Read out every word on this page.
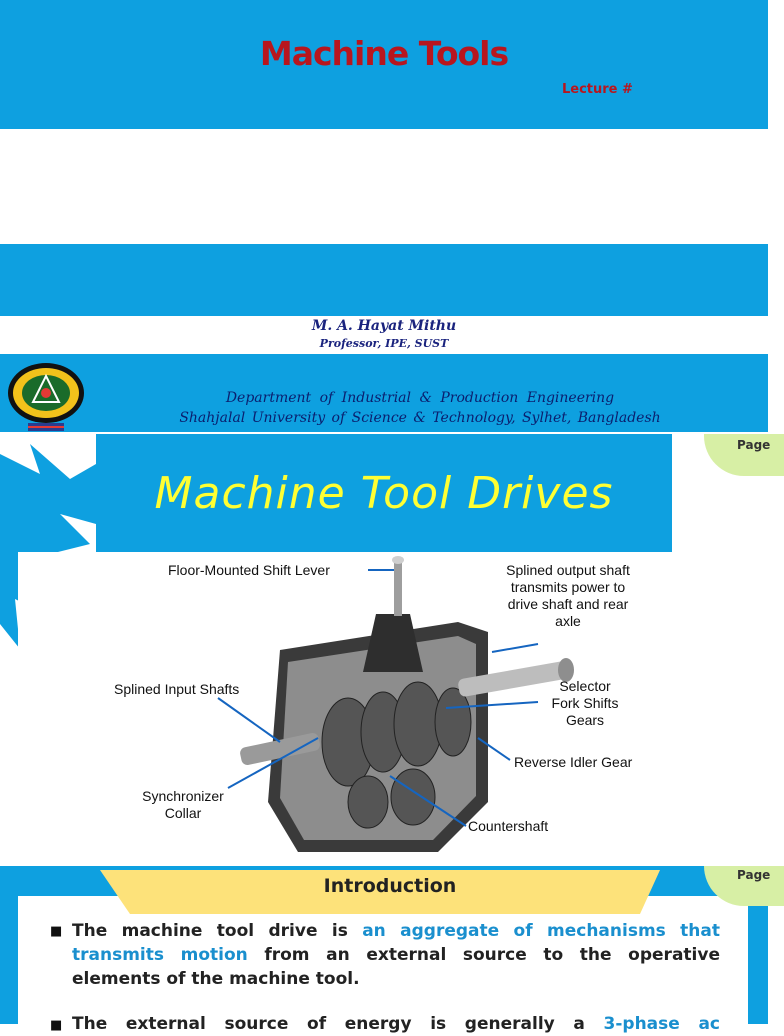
Machine Tools
Lecture #
M. A. Hayat Mithu
Professor, IPE, SUST
Department of Industrial & Production Engineering
Shahjalal University of Science & Technology, Sylhet, Bangladesh
Page
Machine Tool Drives
Floor-Mounted Shift Lever	Splined output shaft
transmits power to
drive shaft and rear
axle
Splined Input Shafts	Selector
Fork Shifts
Gears
Reverse Idler Gear
Synchronizer
Collar
Countershaft
Introduction	Page
■ The machine tool drive is an aggregate of mechanisms that
transmits motion from an external source to the operative
elements of the machine tool.
■ The external source of energy is generally a 3-phase ac
